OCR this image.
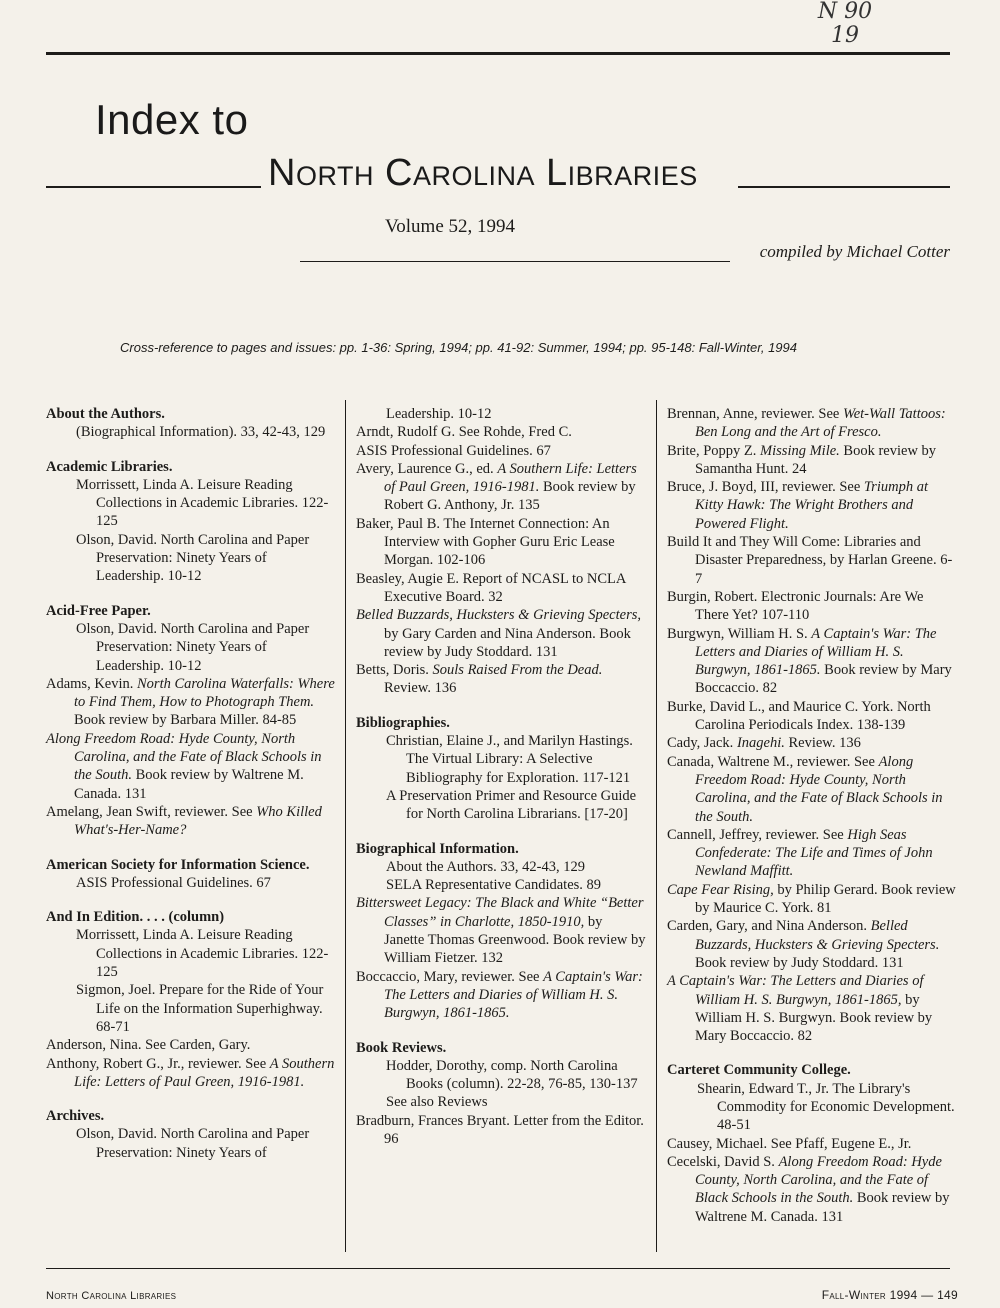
N 90
19
Index to
North Carolina Libraries
Volume 52, 1994
compiled by Michael Cotter
Cross-reference to pages and issues: pp. 1-36: Spring, 1994; pp. 41-92: Summer, 1994; pp. 95-148: Fall-Winter, 1994

About the Authors.

(Biographical Information). 33, 42-43, 129

Academic Libraries.

Morrissett, Linda A. Leisure Reading Collections in Academic Libraries. 122-125

Olson, David. North Carolina and Paper Preservation: Ninety Years of Leadership. 10-12

Acid-Free Paper.

Olson, David. North Carolina and Paper Preservation: Ninety Years of Leadership. 10-12

Adams, Kevin. North Carolina Waterfalls: Where to Find Them, How to Photograph Them. Book review by Barbara Miller. 84-85

Along Freedom Road: Hyde County, North Carolina, and the Fate of Black Schools in the South. Book review by Waltrene M. Canada. 131

Amelang, Jean Swift, reviewer. See Who Killed What's-Her-Name?

American Society for Information Science.

ASIS Professional Guidelines. 67

And In Edition. . . . (column)

Morrissett, Linda A. Leisure Reading Collections in Academic Libraries. 122-125

Sigmon, Joel. Prepare for the Ride of Your Life on the Information Superhighway. 68-71

Anderson, Nina. See Carden, Gary.

Anthony, Robert G., Jr., reviewer. See A Southern Life: Letters of Paul Green, 1916-1981.

Archives.

Olson, David. North Carolina and Paper Preservation: Ninety Years of

Leadership. 10-12

Arndt, Rudolf G. See Rohde, Fred C.

ASIS Professional Guidelines. 67

Avery, Laurence G., ed. A Southern Life: Letters of Paul Green, 1916-1981. Book review by Robert G. Anthony, Jr. 135

Baker, Paul B. The Internet Connection: An Interview with Gopher Guru Eric Lease Morgan. 102-106

Beasley, Augie E. Report of NCASL to NCLA Executive Board. 32

Belled Buzzards, Hucksters & Grieving Specters, by Gary Carden and Nina Anderson. Book review by Judy Stoddard. 131

Betts, Doris. Souls Raised From the Dead. Review. 136

Bibliographies.

Christian, Elaine J., and Marilyn Hastings. The Virtual Library: A Selective Bibliography for Exploration. 117-121

A Preservation Primer and Resource Guide for North Carolina Librarians. [17-20]

Biographical Information.

About the Authors. 33, 42-43, 129

SELA Representative Candidates. 89

Bittersweet Legacy: The Black and White “Better Classes” in Charlotte, 1850-1910, by Janette Thomas Greenwood. Book review by William Fietzer. 132

Boccaccio, Mary, reviewer. See A Captain's War: The Letters and Diaries of William H. S. Burgwyn, 1861-1865.

Book Reviews.

Hodder, Dorothy, comp. North Carolina Books (column). 22-28, 76-85, 130-137

See also Reviews

Bradburn, Frances Bryant. Letter from the Editor. 96

Brennan, Anne, reviewer. See Wet-Wall Tattoos: Ben Long and the Art of Fresco.

Brite, Poppy Z. Missing Mile. Book review by Samantha Hunt. 24

Bruce, J. Boyd, III, reviewer. See Triumph at Kitty Hawk: The Wright Brothers and Powered Flight.

Build It and They Will Come: Libraries and Disaster Preparedness, by Harlan Greene. 6-7

Burgin, Robert. Electronic Journals: Are We There Yet? 107-110

Burgwyn, William H. S. A Captain's War: The Letters and Diaries of William H. S. Burgwyn, 1861-1865. Book review by Mary Boccaccio. 82

Burke, David L., and Maurice C. York. North Carolina Periodicals Index. 138-139

Cady, Jack. Inagehi. Review. 136

Canada, Waltrene M., reviewer. See Along Freedom Road: Hyde County, North Carolina, and the Fate of Black Schools in the South.

Cannell, Jeffrey, reviewer. See High Seas Confederate: The Life and Times of John Newland Maffitt.

Cape Fear Rising, by Philip Gerard. Book review by Maurice C. York. 81

Carden, Gary, and Nina Anderson. Belled Buzzards, Hucksters & Grieving Specters. Book review by Judy Stoddard. 131

A Captain's War: The Letters and Diaries of William H. S. Burgwyn, 1861-1865, by William H. S. Burgwyn. Book review by Mary Boccaccio. 82

Carteret Community College.

Shearin, Edward T., Jr. The Library's Commodity for Economic Development. 48-51

Causey, Michael. See Pfaff, Eugene E., Jr.

Cecelski, David S. Along Freedom Road: Hyde County, North Carolina, and the Fate of Black Schools in the South. Book review by Waltrene M. Canada. 131

North Carolina Libraries	Fall-Winter 1994 — 149
